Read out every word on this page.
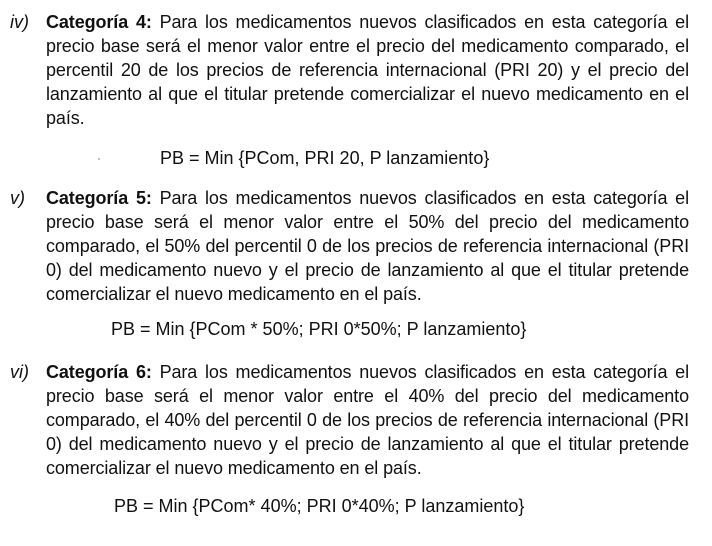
iv) Categoría 4: Para los medicamentos nuevos clasificados en esta categoría el precio base será el menor valor entre el precio del medicamento comparado, el percentil 20 de los precios de referencia internacional (PRI 20) y el precio del lanzamiento al que el titular pretende comercializar el nuevo medicamento en el país.
PB = Min {PCom, PRI 20, P lanzamiento}
v) Categoría 5: Para los medicamentos nuevos clasificados en esta categoría el precio base será el menor valor entre el 50% del precio del medicamento comparado, el 50% del percentil 0 de los precios de referencia internacional (PRI 0) del medicamento nuevo y el precio de lanzamiento al que el titular pretende comercializar el nuevo medicamento en el país.
PB = Min {PCom * 50%; PRI 0*50%; P lanzamiento}
vi) Categoría 6: Para los medicamentos nuevos clasificados en esta categoría el precio base será el menor valor entre el 40% del precio del medicamento comparado, el 40% del percentil 0 de los precios de referencia internacional (PRI 0) del medicamento nuevo y el precio de lanzamiento al que el titular pretende comercializar el nuevo medicamento en el país.
PB = Min {PCom* 40%; PRI 0*40%; P lanzamiento}
